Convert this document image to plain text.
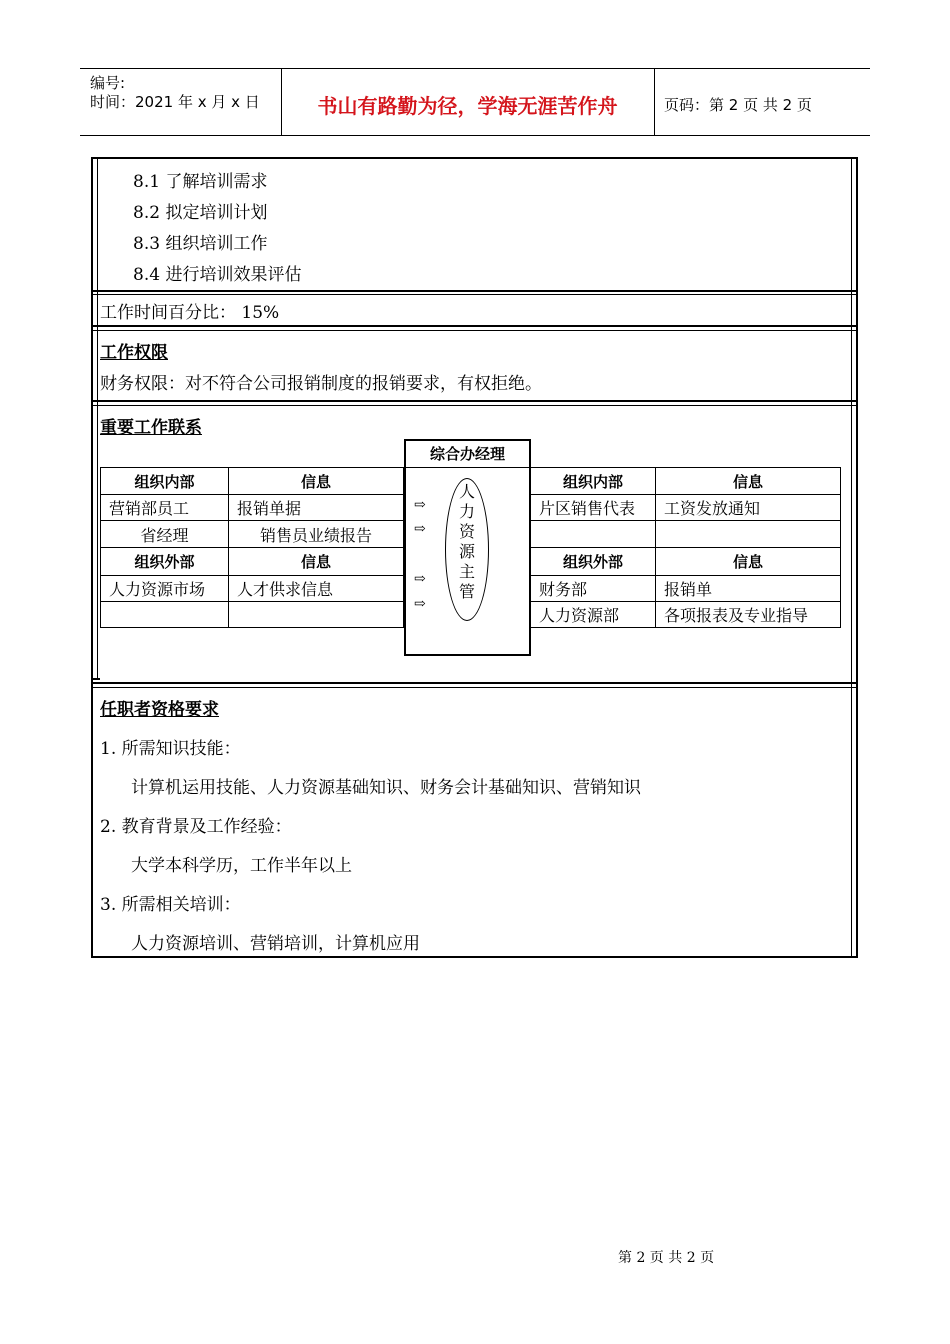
编号:
时间：2021 年 x 月 x 日	书山有路勤为径，学海无涯苦作舟	页码：第 2 页 共 2 页
-
8.1 了解培训需求
8.2 拟定培训计划
8.3 组织培训工作
8.4 进行培训效果评估
工作时间百分比： 15%
工作权限
财务权限：对不符合公司报销制度的报销要求，有权拒绝。
重要工作联系
综合办经理
人
力
资
源
主
管
⇨
⇨
⇨
⇨
组织内部	信息
营销部员工	报销单据
省经理	销售员业绩报告
组织外部	信息
人力资源市场	人才供求信息
组织内部	信息
片区销售代表	工资发放通知
组织外部	信息
财务部	报销单
人力资源部	各项报表及专业指导
任职者资格要求
1. 所需知识技能：
计算机运用技能、人力资源基础知识、财务会计基础知识、营销知识
2. 教育背景及工作经验：
大学本科学历，工作半年以上
3. 所需相关培训：
人力资源培训、营销培训，计算机应用
第 2 页 共 2 页
